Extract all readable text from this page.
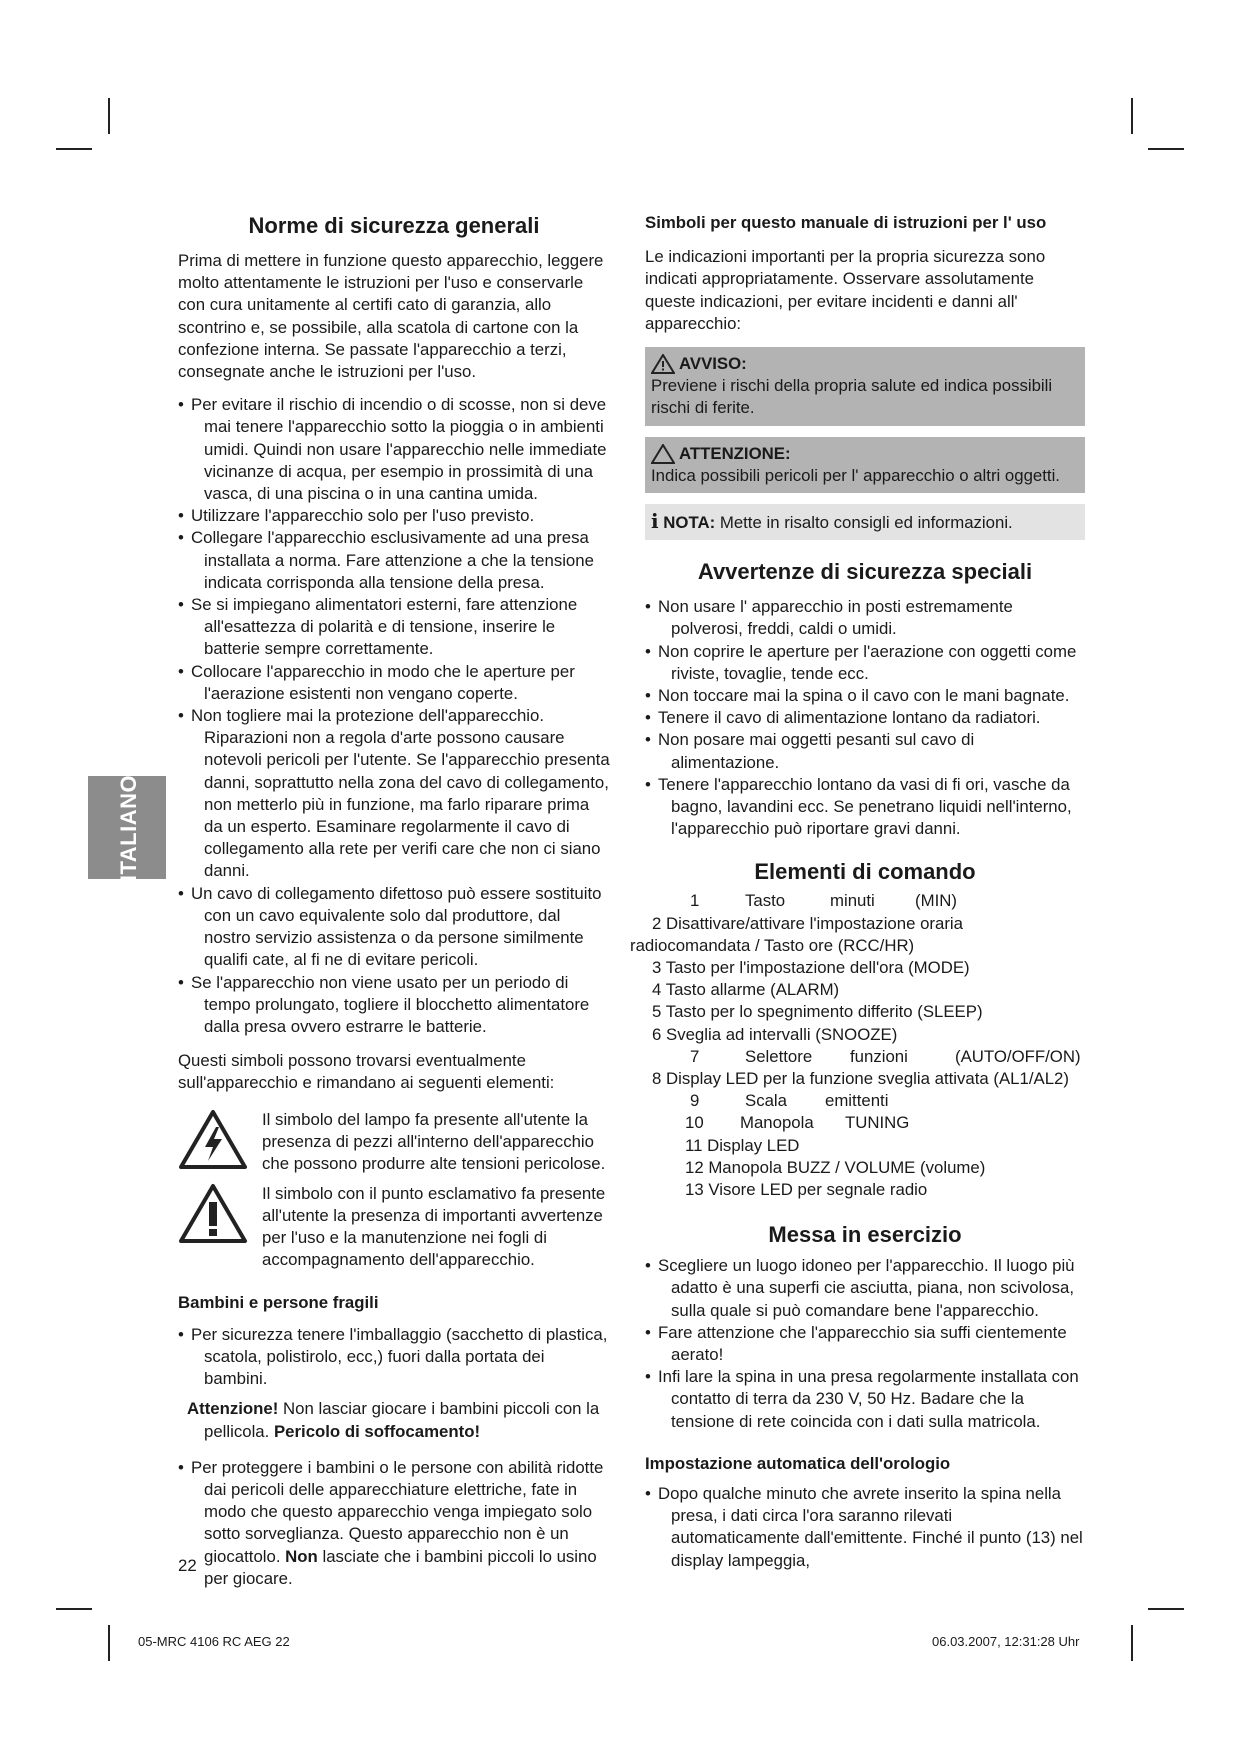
ITALIANO
Norme di sicurezza generali

Prima di mettere in funzione questo apparecchio, leggere molto attentamente le istruzioni per l'uso e conservarle con cura unitamente al certifi cato di garanzia, allo scontrino e, se possibile, alla scatola di cartone con la confezione interna. Se passate l'apparecchio a terzi, consegnate anche le istruzioni per l'uso.

• Per evitare il rischio di incendio o di scosse, non si deve mai tenere l'apparecchio sotto la pioggia o in ambienti umidi. Quindi non usare l'apparecchio nelle immediate vicinanze di acqua, per esempio in prossimità di una vasca, di una piscina o in una cantina umida.
• Utilizzare l'apparecchio solo per l'uso previsto.
• Collegare l'apparecchio esclusivamente ad una presa installata a norma. Fare attenzione a che la tensione indicata corrisponda alla tensione della presa.
• Se si impiegano alimentatori esterni, fare attenzione all'esattezza di polarità e di tensione, inserire le batterie sempre correttamente.
• Collocare l'apparecchio in modo che le aperture per l'aerazione esistenti non vengano coperte.
• Non togliere mai la protezione dell'apparecchio. Riparazioni non a regola d'arte possono causare notevoli pericoli per l'utente. Se l'apparecchio presenta danni, soprattutto nella zona del cavo di collegamento, non metterlo più in funzione, ma farlo riparare prima da un esperto. Esaminare regolarmente il cavo di collegamento alla rete per verifi care che non ci siano danni.
• Un cavo di collegamento difettoso può essere sostituito con un cavo equivalente solo dal produttore, dal nostro servizio assistenza o da persone similmente qualifi cate, al fi ne di evitare pericoli.
• Se l'apparecchio non viene usato per un periodo di tempo prolungato, togliere il blocchetto alimentatore dalla presa ovvero estrarre le batterie.

Questi simboli possono trovarsi eventualmente sull'apparecchio e rimandano ai seguenti elementi:

Il simbolo del lampo fa presente all'utente la presenza di pezzi all'interno dell'apparecchio che possono produrre alte tensioni pericolose.

Il simbolo con il punto esclamativo fa presente all'utente la presenza di importanti avvertenze per l'uso e la manutenzione nei fogli di accompagnamento dell'apparecchio.

Bambini e persone fragili
• Per sicurezza tenere l'imballaggio (sacchetto di plastica, scatola, polistirolo, ecc,) fuori dalla portata dei bambini.

Attenzione! Non lasciar giocare i bambini piccoli con la pellicola. Pericolo di soffocamento!

• Per proteggere i bambini o le persone con abilità ridotte dai pericoli delle apparecchiature elettriche, fate in modo che questo apparecchio venga impiegato solo sotto sorveglianza. Questo apparecchio non è un giocattolo. Non lasciate che i bambini piccoli lo usino per giocare.
22
Simboli per questo manuale di istruzioni per l' uso

Le indicazioni importanti per la propria sicurezza sono indicati appropriatamente. Osservare assolutamente queste indicazioni, per evitare incidenti e danni all' apparecchio:

AVVISO:

Previene i rischi della propria salute ed indica possibili rischi di ferite.

ATTENZIONE:

Indica possibili pericoli per l' apparecchio o altri oggetti.

i NOTA: Mette in risalto consigli ed informazioni.
Avvertenze di sicurezza speciali
• Non usare l' apparecchio in posti estremamente polverosi, freddi, caldi o umidi.
• Non coprire le aperture per l'aerazione con oggetti come riviste, tovaglie, tende ecc.
• Non toccare mai la spina o il cavo con le mani bagnate.
• Tenere il cavo di alimentazione lontano da radiatori.
• Non posare mai oggetti pesanti sul cavo di alimentazione.
• Tenere l'apparecchio lontano da vasi di fi ori, vasche da bagno, lavandini ecc. Se penetrano liquidi nell'interno, l'apparecchio può riportare gravi danni.
Elementi di comando
1	Tasto	minuti (MIN)
2 Disattivare/attivare l'impostazione oraria
radiocomandata / Tasto ore (RCC/HR)
3 Tasto per l'impostazione dell'ora (MODE)
4 Tasto allarme (ALARM)
5 Tasto per lo spegnimento differito (SLEEP)
6 Sveglia ad intervalli (SNOOZE)
7	Selettore funzioni	(AUTO/OFF/ON)
8 Display LED per la funzione sveglia attivata (AL1/AL2)
9	Scala emittenti
10 Manopola TUNING
11 Display LED
12 Manopola BUZZ / VOLUME (volume)
13 Visore LED per segnale radio
Messa in esercizio
• Scegliere un luogo idoneo per l'apparecchio. Il luogo più adatto è una superfi cie asciutta, piana, non scivolosa, sulla quale si può comandare bene l'apparecchio.
• Fare attenzione che l'apparecchio sia suffi cientemente aerato!
• Infi lare la spina in una presa regolarmente installata con contatto di terra da 230 V, 50 Hz. Badare che la tensione di rete coincida con i dati sulla matricola.
Impostazione automatica dell'orologio
• Dopo qualche minuto che avrete inserito la spina nella presa, i dati circa l'ora saranno rilevati automaticamente dall'emittente. Finché il punto (13) nel display lampeggia,
05-MRC 4106 RC AEG 22	06.03.2007, 12:31:28 Uhr
